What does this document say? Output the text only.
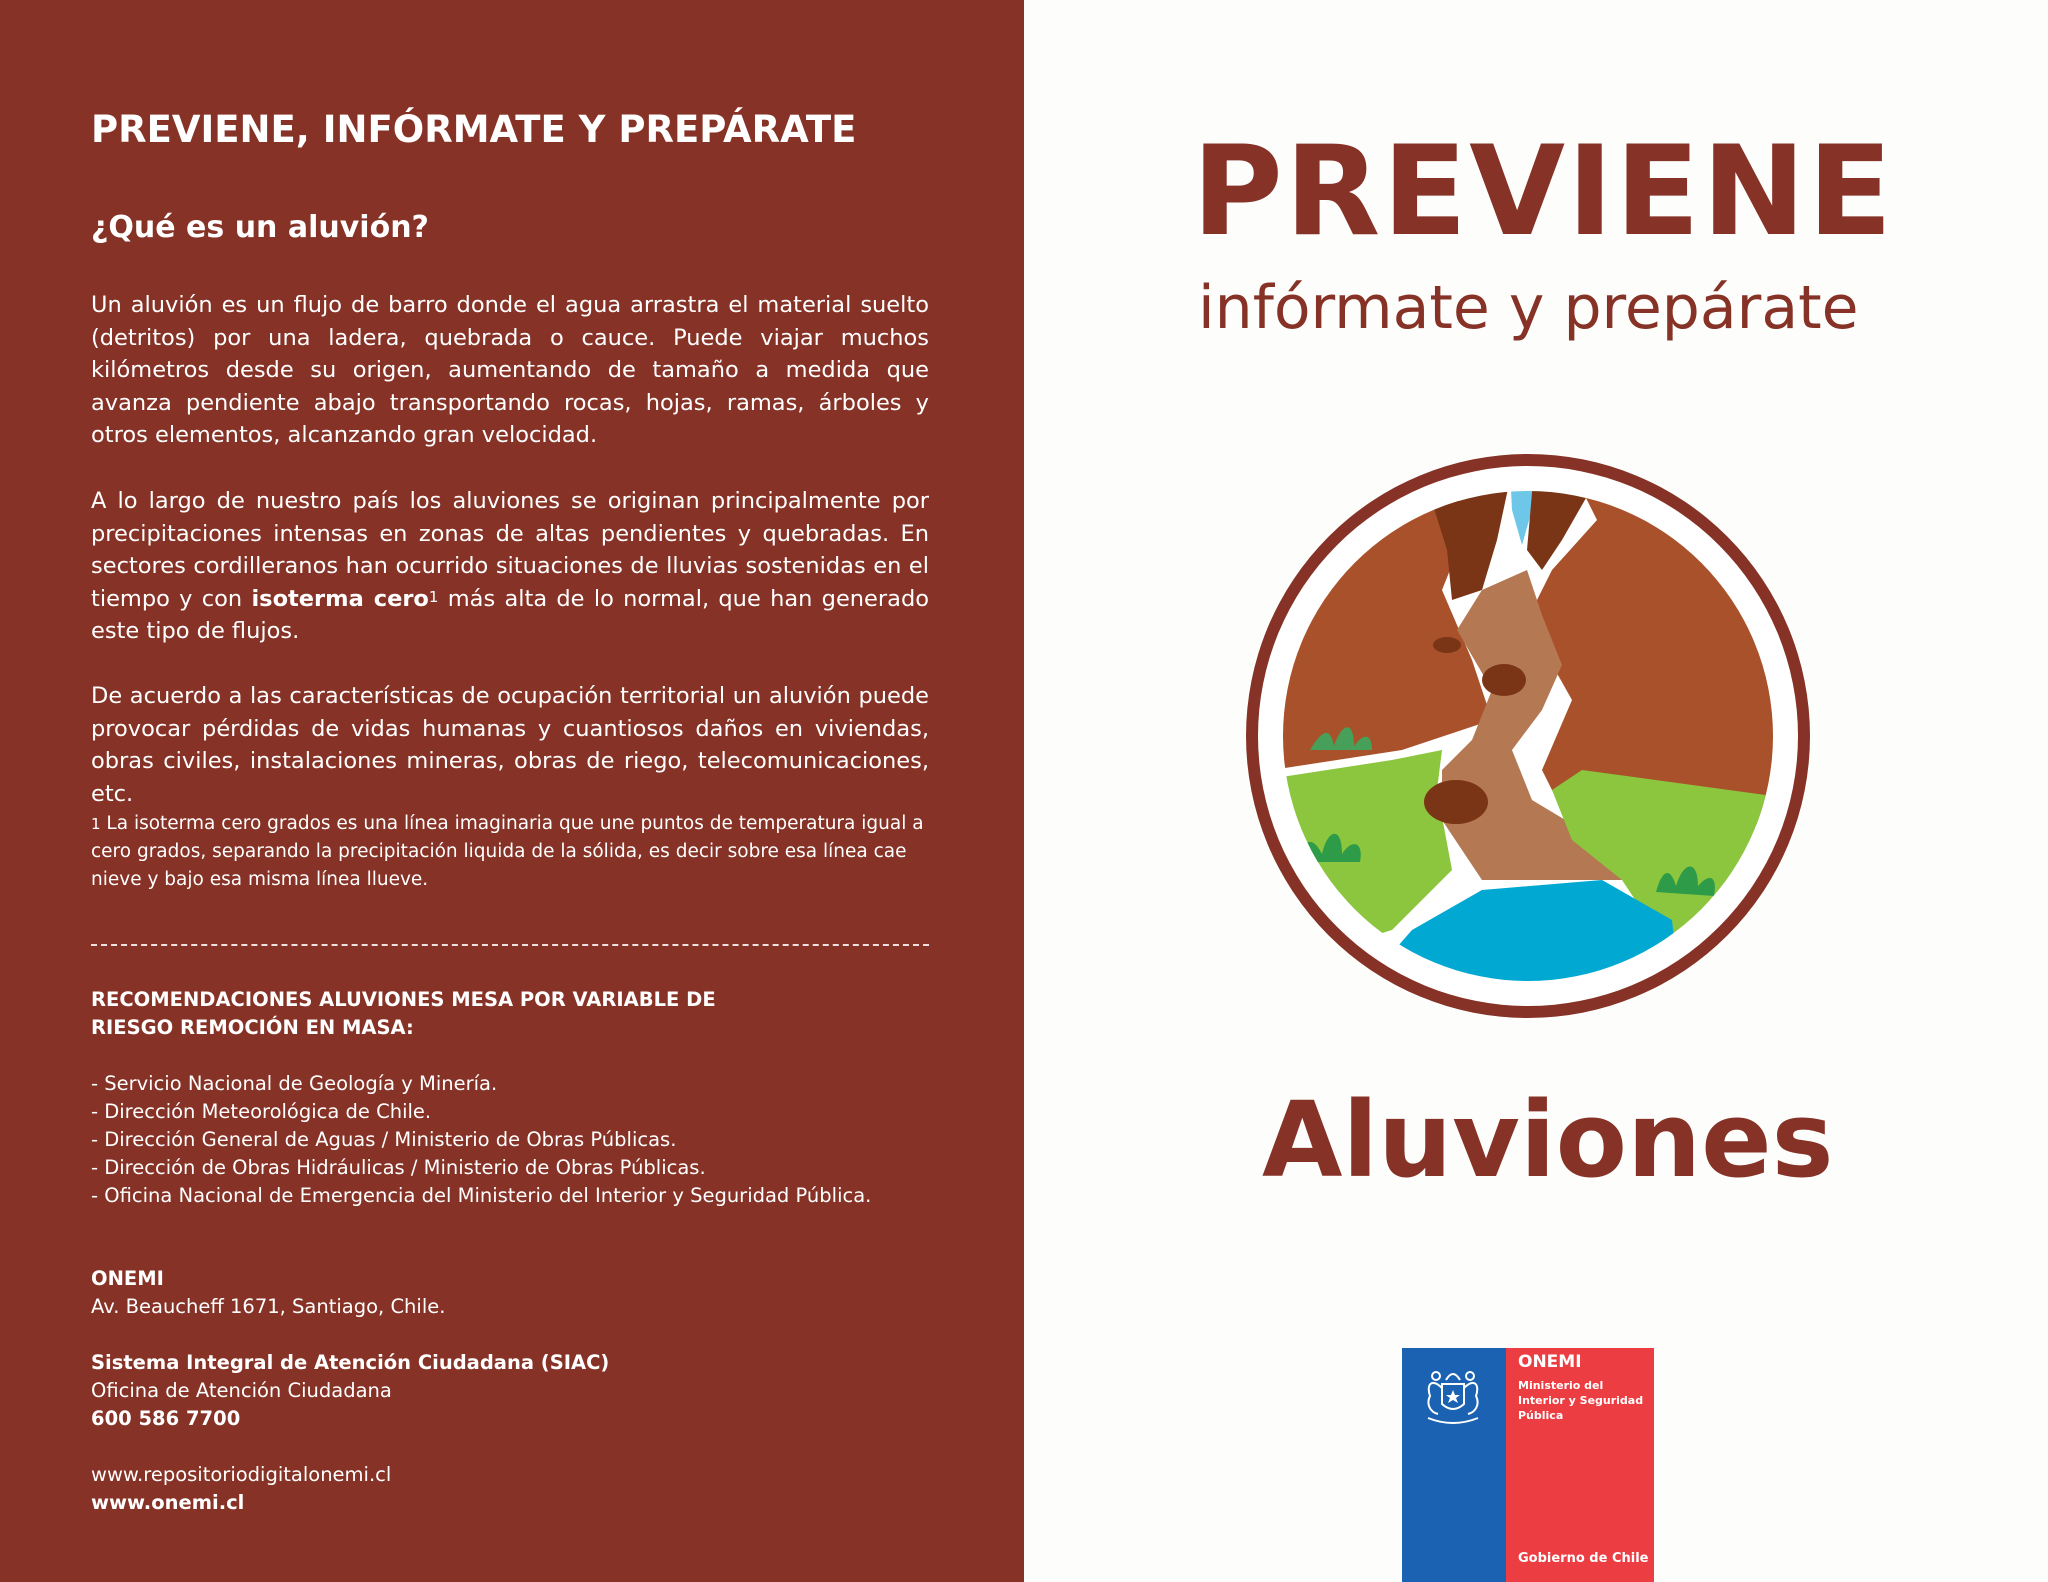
PREVIENE, INFÓRMATE Y PREPÁRATE
¿Qué es un aluvión?

Un aluvión es un flujo de barro donde el agua arrastra el material suelto (detritos) por una ladera, quebrada o cauce. Puede viajar muchos kilómetros desde su origen, aumentando de tamaño a medida que avanza pendiente abajo transportando rocas, hojas, ramas, árboles y otros elementos, alcanzando gran velocidad.

A lo largo de nuestro país los aluviones se originan principalmente por precipitaciones intensas en zonas de altas pendientes y quebradas. En sectores cordilleranos han ocurrido situaciones de lluvias sostenidas en el tiempo y con isoterma cero$^1$ más alta de lo normal, que han generado este tipo de flujos.

De acuerdo a las características de ocupación territorial un aluvión puede provocar pérdidas de vidas humanas y cuantiosos daños en viviendas, obras civiles, instalaciones mineras, obras de riego, telecomunicaciones, etc.

$^1$ La isoterma cero grados es una línea imaginaria que une puntos de temperatura igual a cero grados, separando la precipitación liquida de la sólida, es decir sobre esa línea cae nieve y bajo esa misma línea llueve.

RECOMENDACIONES ALUVIONES MESA POR VARIABLE DE
RIESGO REMOCIÓN EN MASA:
- Servicio Nacional de Geología y Minería.
- Dirección Meteorológica de Chile.
- Dirección General de Aguas / Ministerio de Obras Públicas.
- Dirección de Obras Hidráulicas / Ministerio de Obras Públicas.
- Oficina Nacional de Emergencia del Ministerio del Interior y Seguridad Pública.
ONEMI
Av. Beaucheff 1671, Santiago, Chile.
Sistema Integral de Atención Ciudadana (SIAC)
Oficina de Atención Ciudadana
600 586 7700
www.repositoriodigitalonemi.cl
www.onemi.cl
PREVIENE
infórmate y prepárate
Aluviones
ONEMI
Ministerio del Interior y Seguridad Pública
Gobierno de Chile
